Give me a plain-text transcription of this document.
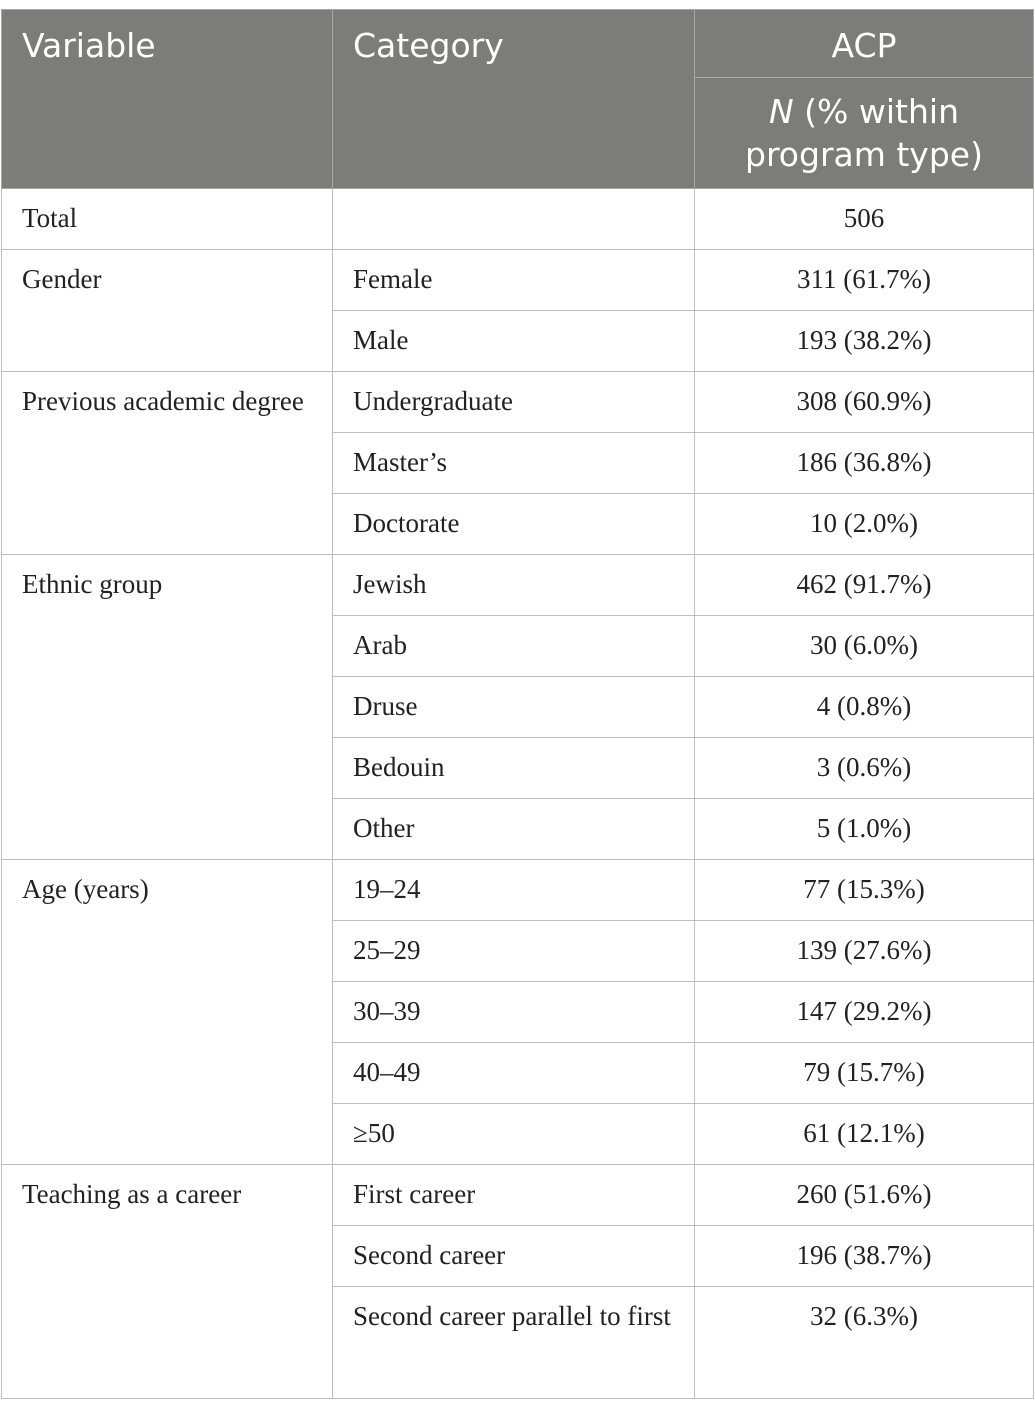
Variable	Category	ACP
		N (% within program type)

Total		506

Gender	Female	311 (61.7%)

	Male	193 (38.2%)

Previous academic degree	Undergraduate	308 (60.9%)

	Master’s	186 (36.8%)

	Doctorate	10 (2.0%)

Ethnic group	Jewish	462 (91.7%)

	Arab	30 (6.0%)

	Druse	4 (0.8%)

	Bedouin	3 (0.6%)

	Other	5 (1.0%)

Age (years)	19–24	77 (15.3%)

	25–29	139 (27.6%)

	30–39	147 (29.2%)

	40–49	79 (15.7%)

	≥50	61 (12.1%)

Teaching as a career	First career	260 (51.6%)

	Second career	196 (38.7%)

	Second career parallel to first	32 (6.3%)
